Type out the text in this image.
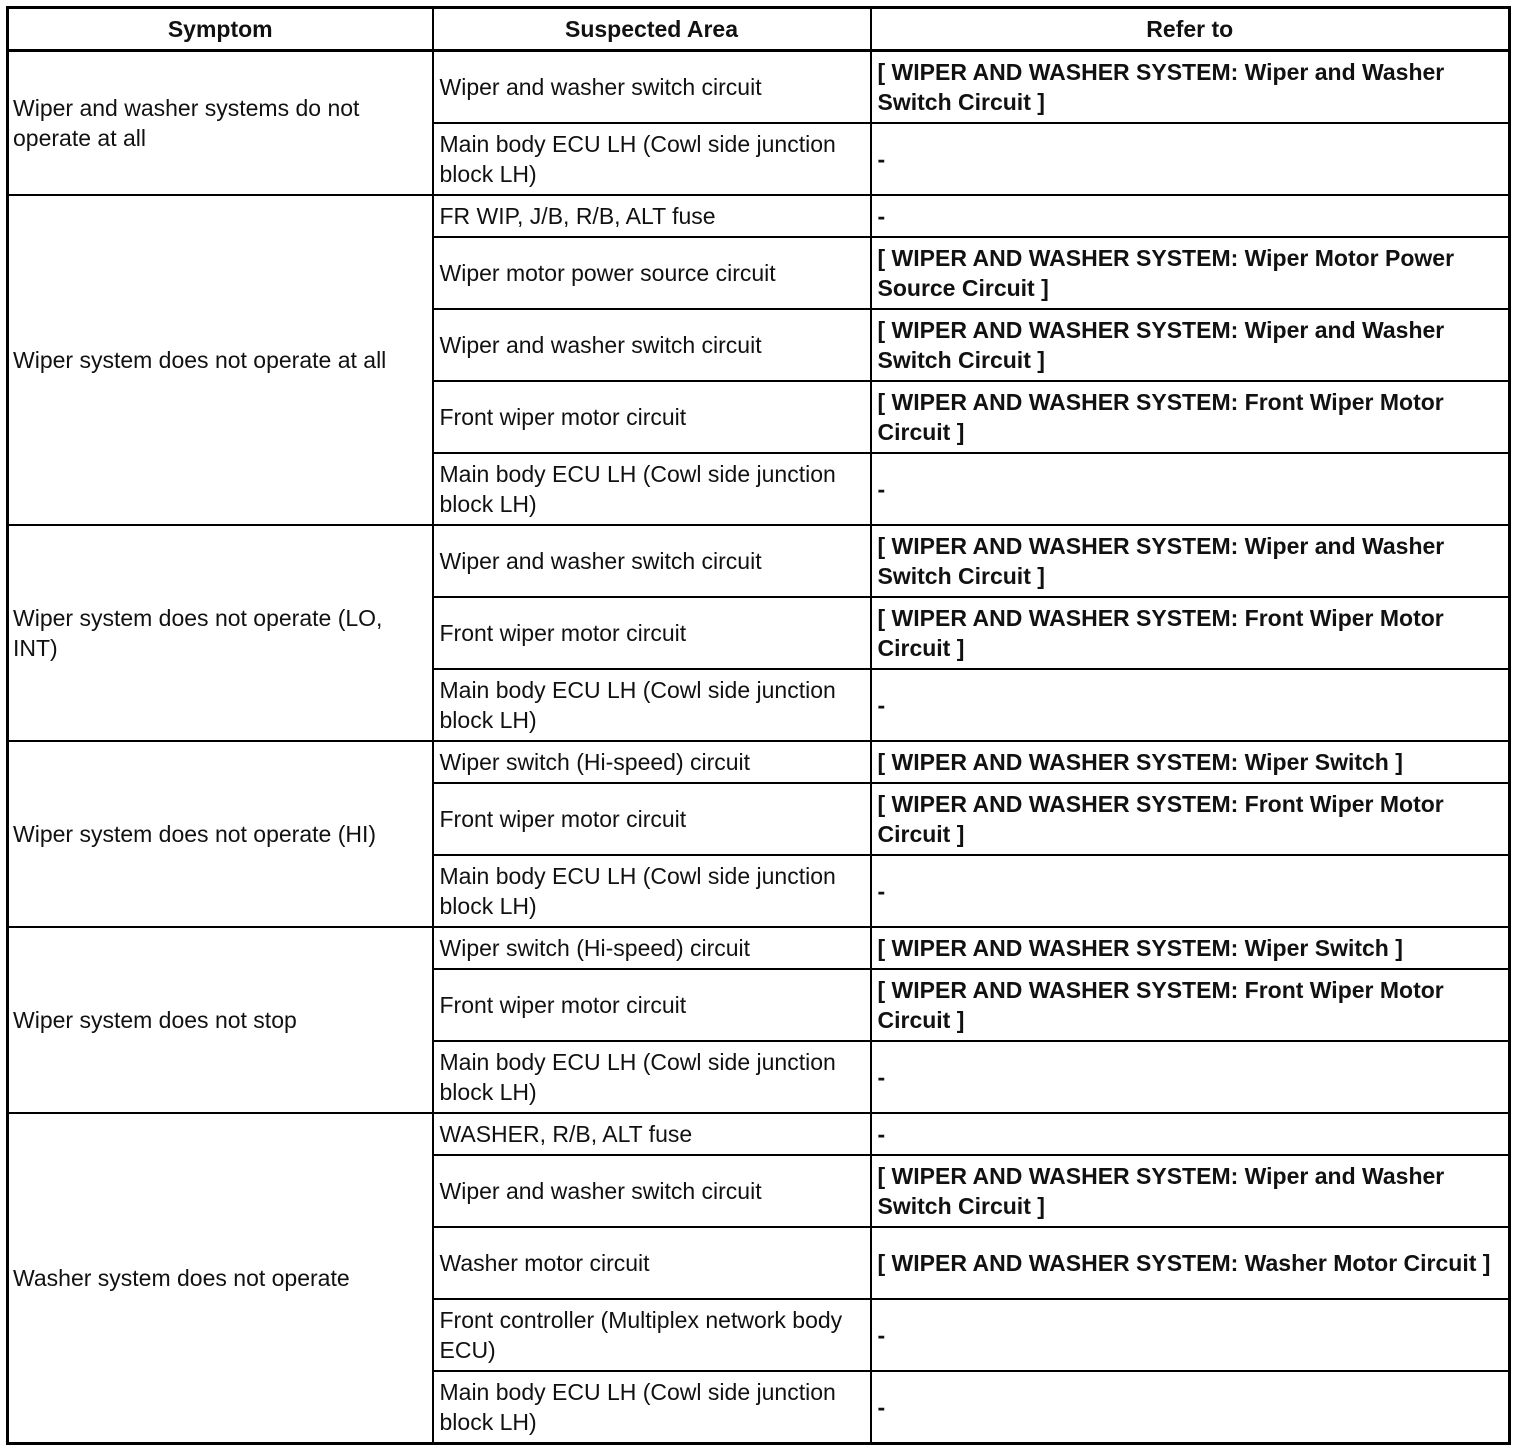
Symptom	Suspected Area	Refer to
Wiper and washer systems do not operate at all	Wiper and washer switch circuit	[ WIPER AND WASHER SYSTEM: Wiper and Washer Switch Circuit ]
	Main body ECU LH (Cowl side junction block LH)	-
Wiper system does not operate at all	FR WIP, J/B, R/B, ALT fuse	-
	Wiper motor power source circuit	[ WIPER AND WASHER SYSTEM: Wiper Motor Power Source Circuit ]
	Wiper and washer switch circuit	[ WIPER AND WASHER SYSTEM: Wiper and Washer Switch Circuit ]
	Front wiper motor circuit	[ WIPER AND WASHER SYSTEM: Front Wiper Motor Circuit ]
	Main body ECU LH (Cowl side junction block LH)	-
Wiper system does not operate (LO, INT)	Wiper and washer switch circuit	[ WIPER AND WASHER SYSTEM: Wiper and Washer Switch Circuit ]
	Front wiper motor circuit	[ WIPER AND WASHER SYSTEM: Front Wiper Motor Circuit ]
	Main body ECU LH (Cowl side junction block LH)	-
Wiper system does not operate (HI)	Wiper switch (Hi-speed) circuit	[ WIPER AND WASHER SYSTEM: Wiper Switch ]
	Front wiper motor circuit	[ WIPER AND WASHER SYSTEM: Front Wiper Motor Circuit ]
	Main body ECU LH (Cowl side junction block LH)	-
Wiper system does not stop	Wiper switch (Hi-speed) circuit	[ WIPER AND WASHER SYSTEM: Wiper Switch ]
	Front wiper motor circuit	[ WIPER AND WASHER SYSTEM: Front Wiper Motor Circuit ]
	Main body ECU LH (Cowl side junction block LH)	-
Washer system does not operate	WASHER, R/B, ALT fuse	-
	Wiper and washer switch circuit	[ WIPER AND WASHER SYSTEM: Wiper and Washer Switch Circuit ]
	Washer motor circuit	[ WIPER AND WASHER SYSTEM: Washer Motor Circuit ]
	Front controller (Multiplex network body ECU)	-
	Main body ECU LH (Cowl side junction block LH)	-
